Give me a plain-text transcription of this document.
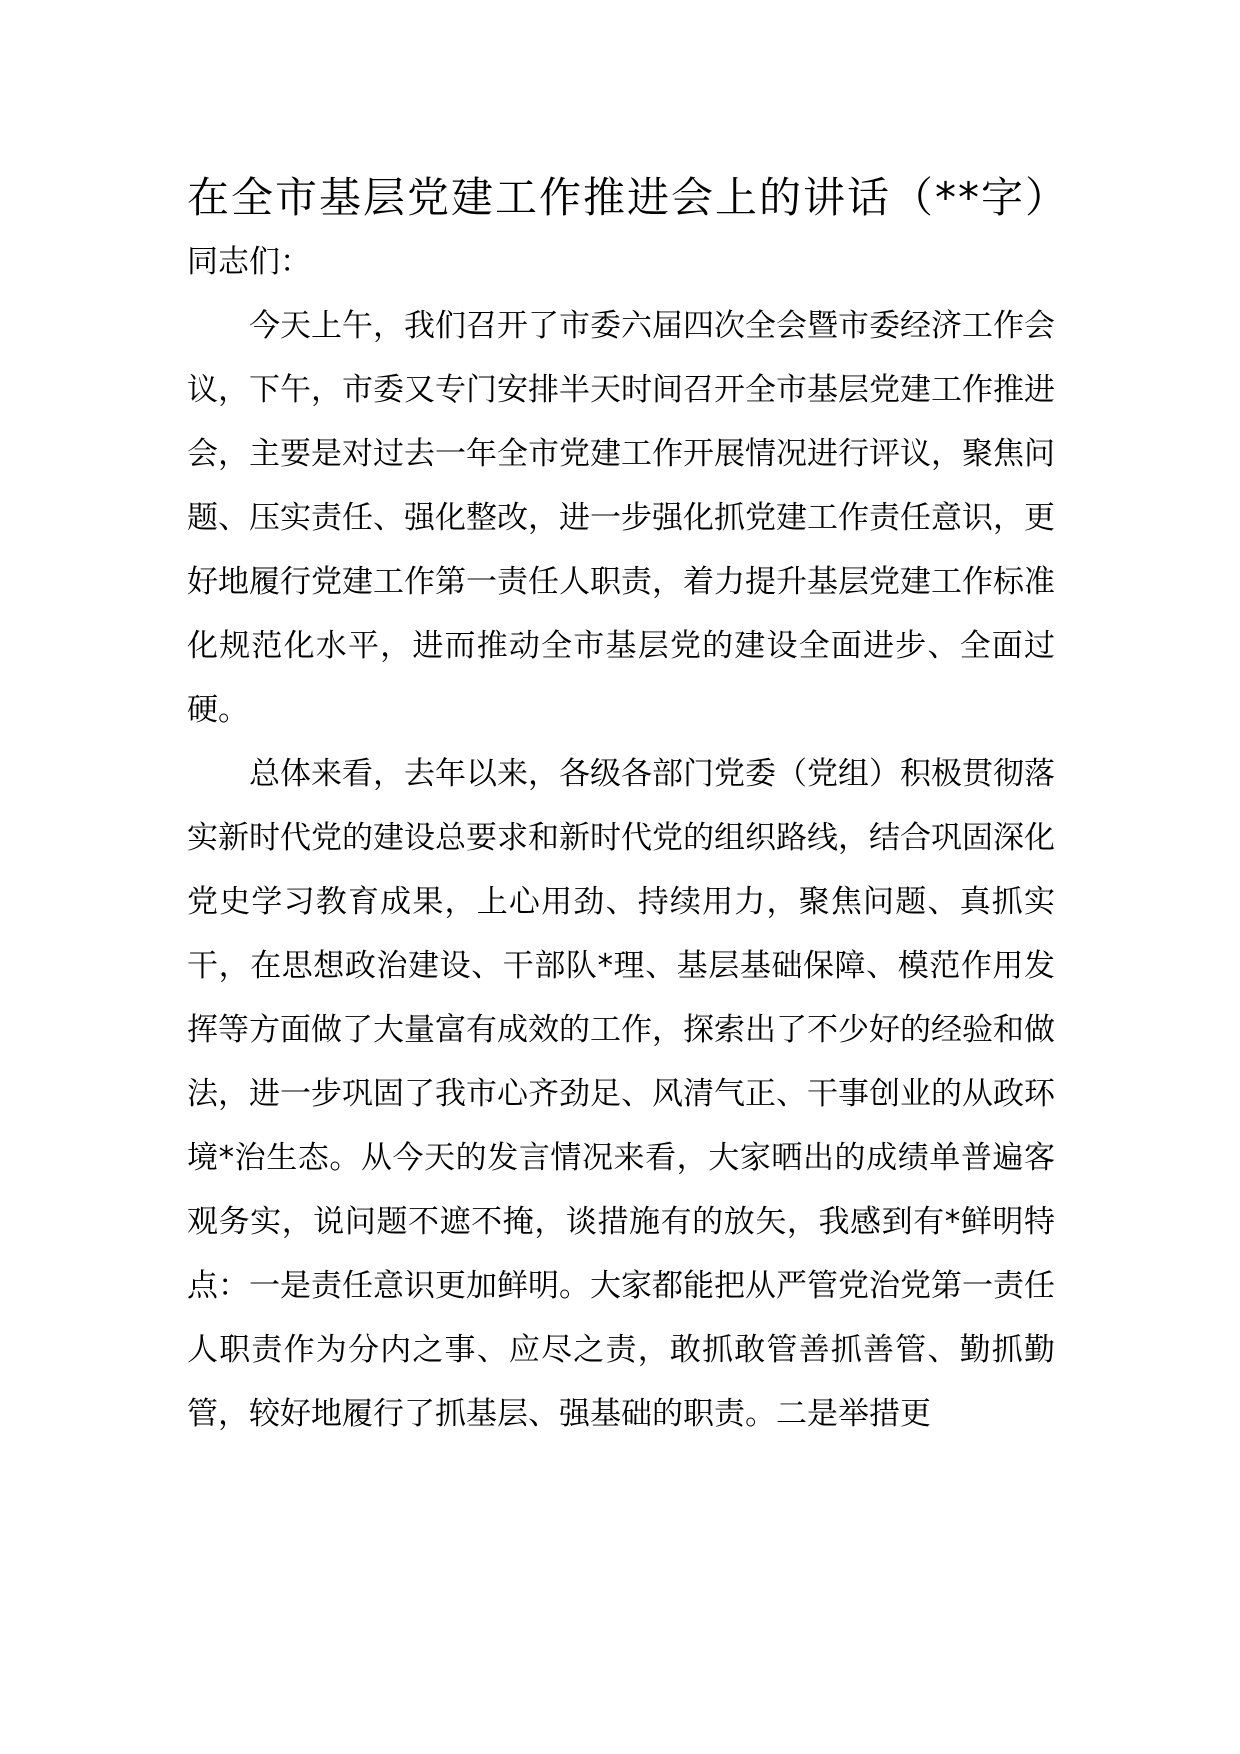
在全市基层党建工作推进会上的讲话（**字）

同志们：

今天上午，我们召开了市委六届四次全会暨市委经济工作会议，下午，市委又专门安排半天时间召开全市基层党建工作推进会，主要是对过去一年全市党建工作开展情况进行评议，聚焦问题、压实责任、强化整改，进一步强化抓党建工作责任意识，更好地履行党建工作第一责任人职责，着力提升基层党建工作标准化规范化水平，进而推动全市基层党的建设全面进步、全面过硬。

总体来看，去年以来，各级各部门党委（党组）积极贯彻落实新时代党的建设总要求和新时代党的组织路线，结合巩固深化党史学习教育成果，上心用劲、持续用力，聚焦问题、真抓实干，在思想政治建设、干部队*理、基层基础保障、模范作用发挥等方面做了大量富有成效的工作，探索出了不少好的经验和做法，进一步巩固了我市心齐劲足、风清气正、干事创业的从政环境*治生态。从今天的发言情况来看，大家晒出的成绩单普遍客观务实，说问题不遮不掩，谈措施有的放矢，我感到有*鲜明特点：一是责任意识更加鲜明。大家都能把从严管党治党第一责任人职责作为分内之事、应尽之责，敢抓敢管善抓善管、勤抓勤管，较好地履行了抓基层、强基础的职责。二是举措更
